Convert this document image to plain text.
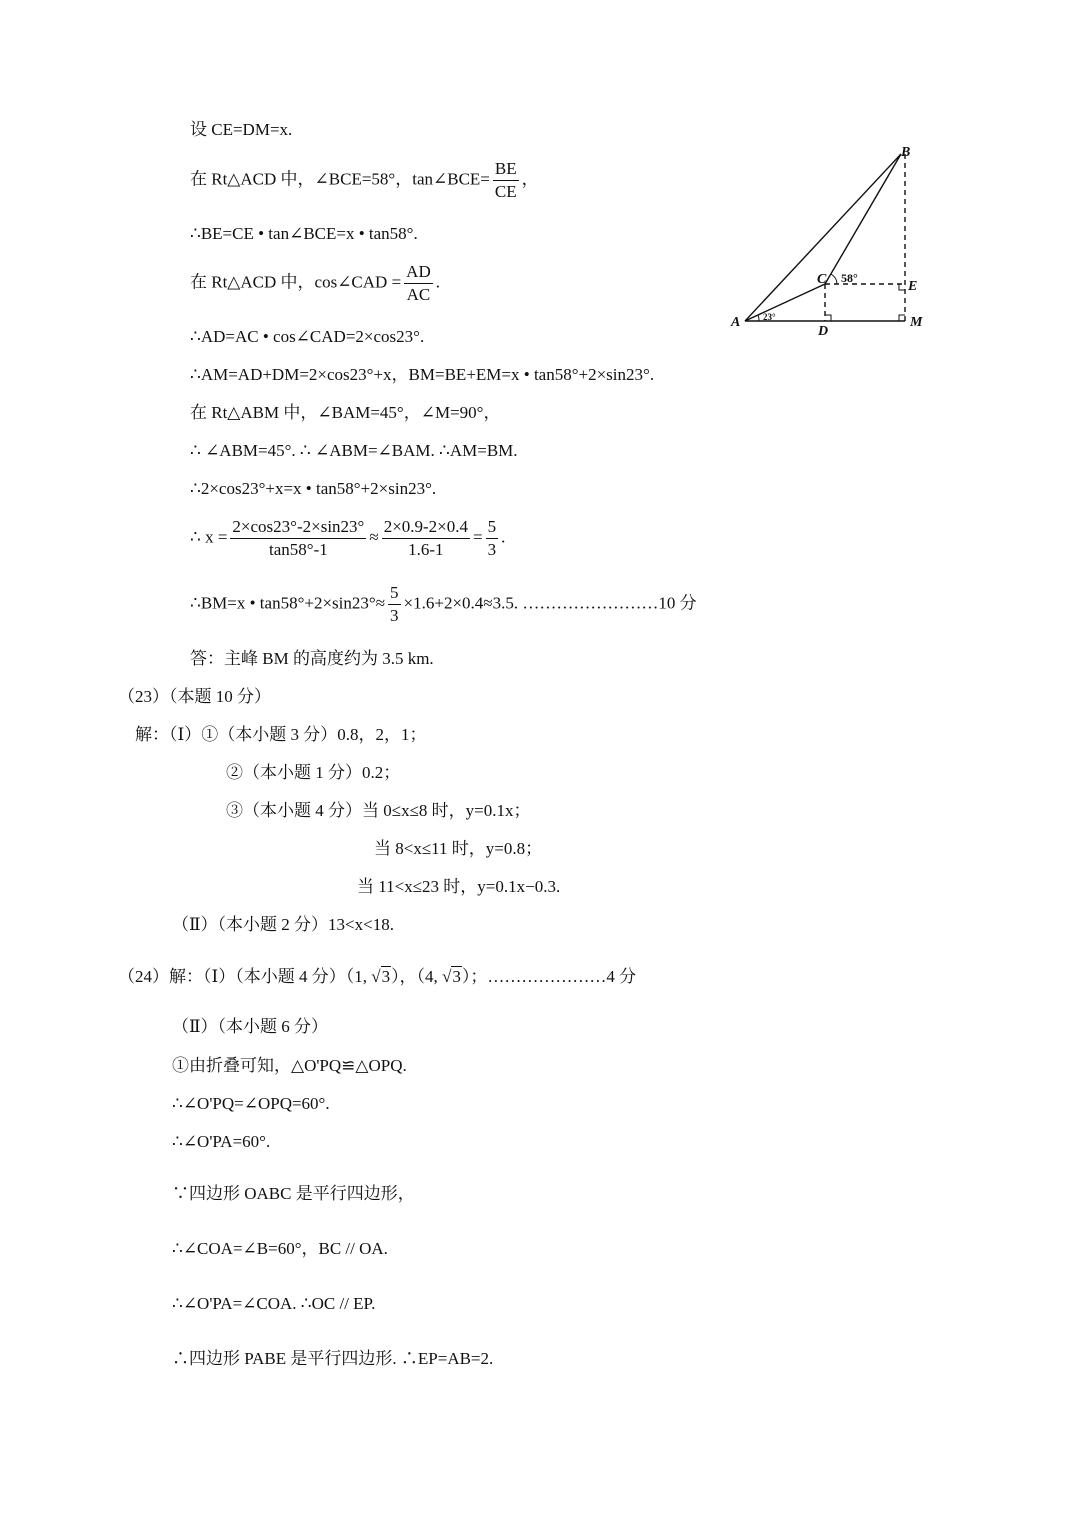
设 CE=DM=x.
在 Rt△ACD 中，∠BCE=58°，tan∠BCE= $\frac{BE}{CE}$ ，
∴BE=CE • tan∠BCE=x • tan58°.
在 Rt△ACD 中，cos∠CAD = $\frac{AD}{AC}$ .
∴AD=AC • cos∠CAD=2×cos23°.
∴AM=AD+DM=2×cos23°+x，BM=BE+EM=x • tan58°+2×sin23°.
在 Rt△ABM 中，∠BAM=45°，∠M=90°，
∴ ∠ABM=45°. ∴ ∠ABM=∠BAM. ∴AM=BM.
∴2×cos23°+x=x • tan58°+2×sin23°.
∴ $x = \frac{2\times\cos 23^\circ-2\times\sin 23^\circ}{\tan 58^\circ-1} \approx \frac{2\times 0.9-2\times 0.4}{1.6-1} = \frac{5}{3}$ .
∴BM=x • $\tan 58^\circ+2\times\sin 23^\circ\approx \frac{5}{3} \times 1.6+2\times 0.4\approx 3.5$. ……………………10 分
答：主峰 BM 的高度约为 3.5 km.
（23）（本题 10 分）
解：（Ⅰ）①（本小题 3 分）0.8，2，1；
②（本小题 1 分）0.2；
③（本小题 4 分）当 0≤x≤8 时，y=0.1x；
当 8<x≤11 时，y=0.8；
当 11<x≤23 时，y=0.1x−0.3.
（Ⅱ）（本小题 2 分）13<x<18.
（24）解：（Ⅰ）（本小题 4 分）（1, √3），（4, √3）；…………………4 分
（Ⅱ）（本小题 6 分）
①由折叠可知，△O'PQ≌△OPQ.
∴∠O'PQ=∠OPQ=60°.
∴∠O'PA=60°.
∵四边形 OABC 是平行四边形，
∴∠COA=∠B=60°，BC // OA.
∴∠O'PA=∠COA. ∴OC // EP.
∴四边形 PABE 是平行四边形. ∴EP=AB=2.
B
C	E
A
D
M
58°
23°
